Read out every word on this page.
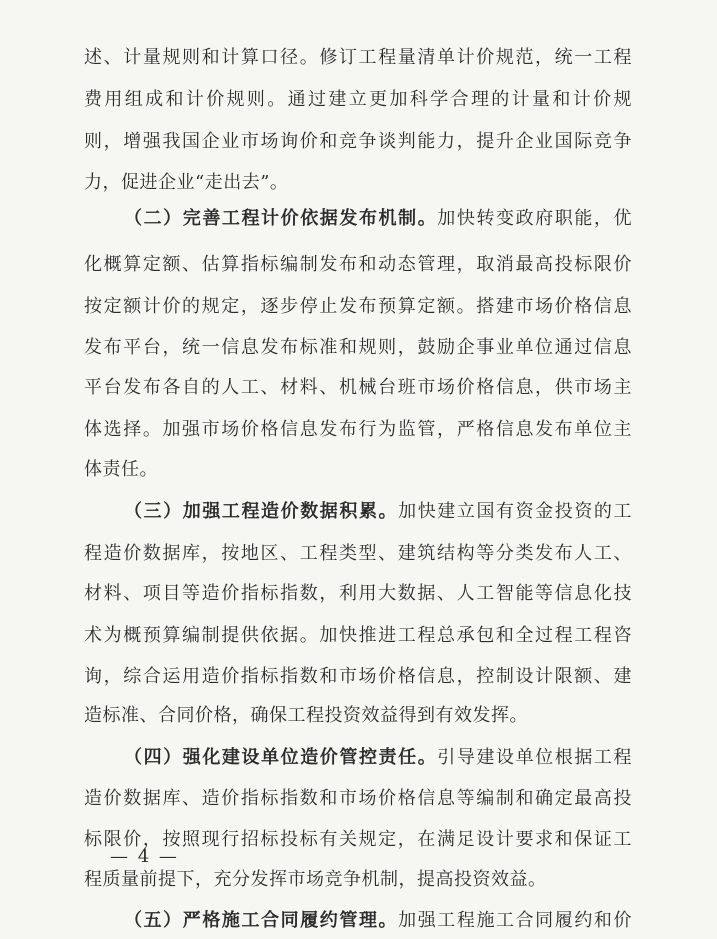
述、计量规则和计算口径。修订工程量清单计价规范，统一工程
费用组成和计价规则。通过建立更加科学合理的计量和计价规
则，增强我国企业市场询价和竞争谈判能力，提升企业国际竞争
力，促进企业“走出去”。
（二）完善工程计价依据发布机制。加快转变政府职能，优
化概算定额、估算指标编制发布和动态管理，取消最高投标限价
按定额计价的规定，逐步停止发布预算定额。搭建市场价格信息
发布平台，统一信息发布标准和规则，鼓励企事业单位通过信息
平台发布各自的人工、材料、机械台班市场价格信息，供市场主
体选择。加强市场价格信息发布行为监管，严格信息发布单位主
体责任。
（三）加强工程造价数据积累。加快建立国有资金投资的工
程造价数据库，按地区、工程类型、建筑结构等分类发布人工、
材料、项目等造价指标指数，利用大数据、人工智能等信息化技
术为概预算编制提供依据。加快推进工程总承包和全过程工程咨
询，综合运用造价指标指数和市场价格信息，控制设计限额、建
造标准、合同价格，确保工程投资效益得到有效发挥。
（四）强化建设单位造价管控责任。引导建设单位根据工程
造价数据库、造价指标指数和市场价格信息等编制和确定最高投
标限价，按照现行招标投标有关规定，在满足设计要求和保证工
程质量前提下，充分发挥市场竞争机制，提高投资效益。
（五）严格施工合同履约管理。加强工程施工合同履约和价
— 4 —
